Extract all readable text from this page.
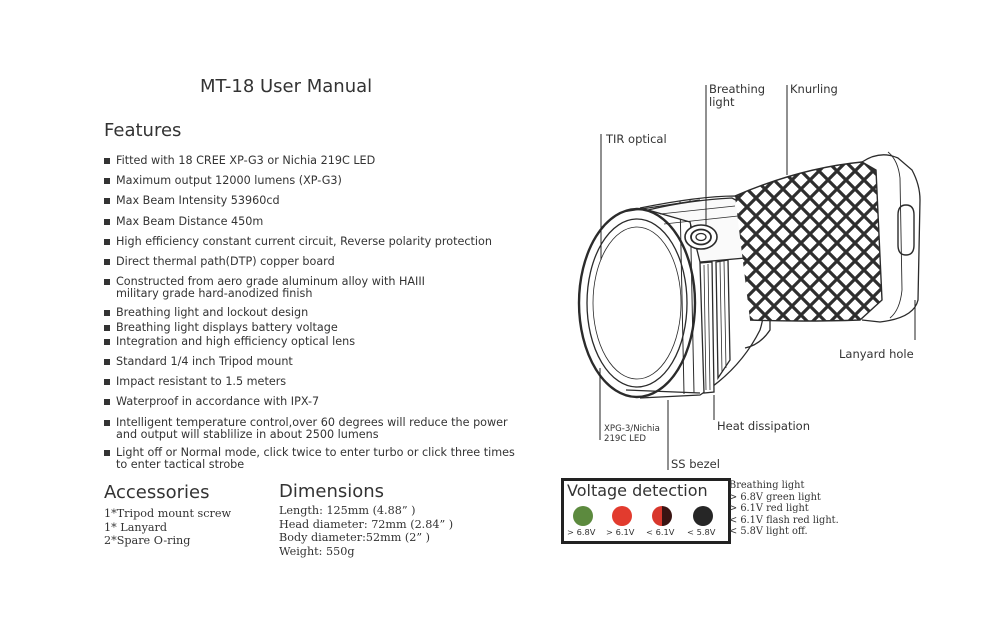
MT-18 User Manual
Features
Fitted with 18 CREE XP-G3 or Nichia 219C LED
Maximum output 12000 lumens (XP-G3)
Max Beam Intensity 53960cd
Max Beam Distance 450m
High efficiency constant current circuit, Reverse polarity protection
Direct thermal path(DTP) copper board
Constructed from aero grade aluminum alloy with HAIII military grade hard-anodized finish
Breathing light and lockout design
Breathing light displays battery voltage
Integration and high efficiency optical lens
Standard 1/4 inch Tripod mount
Impact resistant to 1.5 meters
Waterproof in accordance with IPX-7
Intelligent temperature control,over 60 degrees will reduce the power and output will stablilize in about 2500 lumens
Light off or Normal mode, click twice to enter turbo or click three times to enter tactical strobe
Accessories
1*Tripod mount screw
1* Lanyard
2*Spare O-ring
Dimensions
Length: 125mm (4.88” )
Head diameter: 72mm (2.84” )
Body diameter:52mm (2” )
Weight: 550g
Breathing
light
Knurling
TIR optical
Lanyard hole
Heat dissipation
XPG-3/Nichia
219C LED
SS bezel
> 6.8V > 6.1V < 6.1V < 5.8V
Voltage detection Breathing light
> 6.8V green light
> 6.1V red light
< 6.1V flash red light.
< 5.8V light off.
